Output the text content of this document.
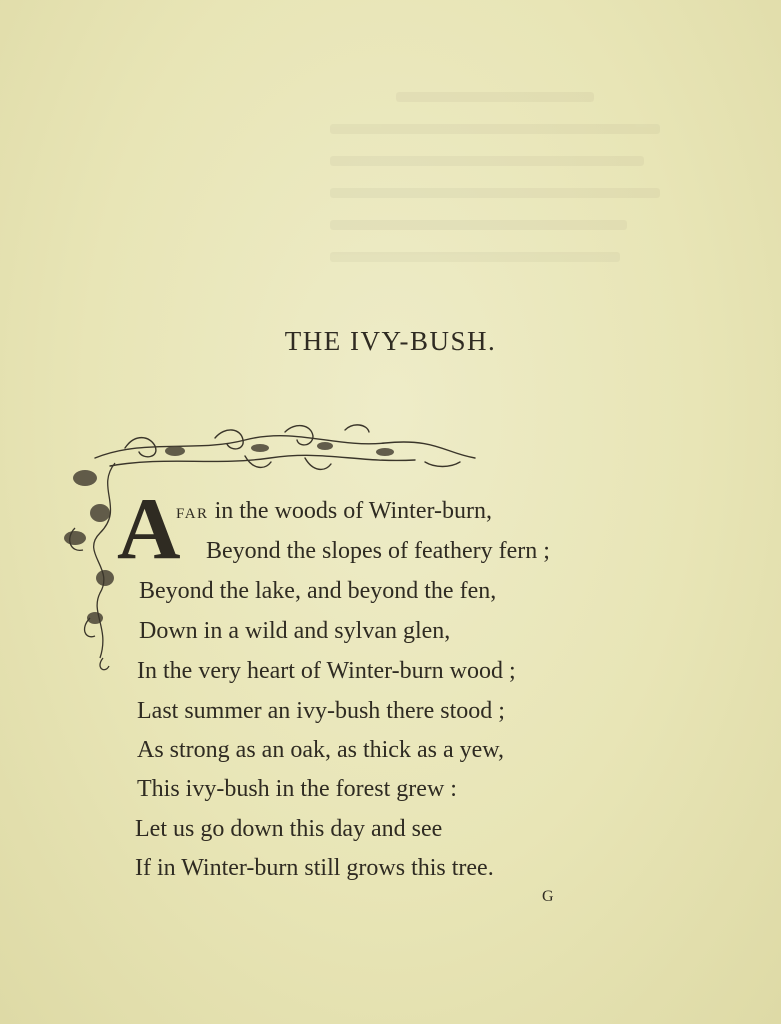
THE IVY-BUSH.
A
FAR in the woods of Winter-burn,
Beyond the slopes of feathery fern ;
Beyond the lake, and beyond the fen,
Down in a wild and sylvan glen,
In the very heart of Winter-burn wood ;
Last summer an ivy-bush there stood ;
As strong as an oak, as thick as a yew,
This ivy-bush in the forest grew :
Let us go down this day and see
If in Winter-burn still grows this tree.
G
